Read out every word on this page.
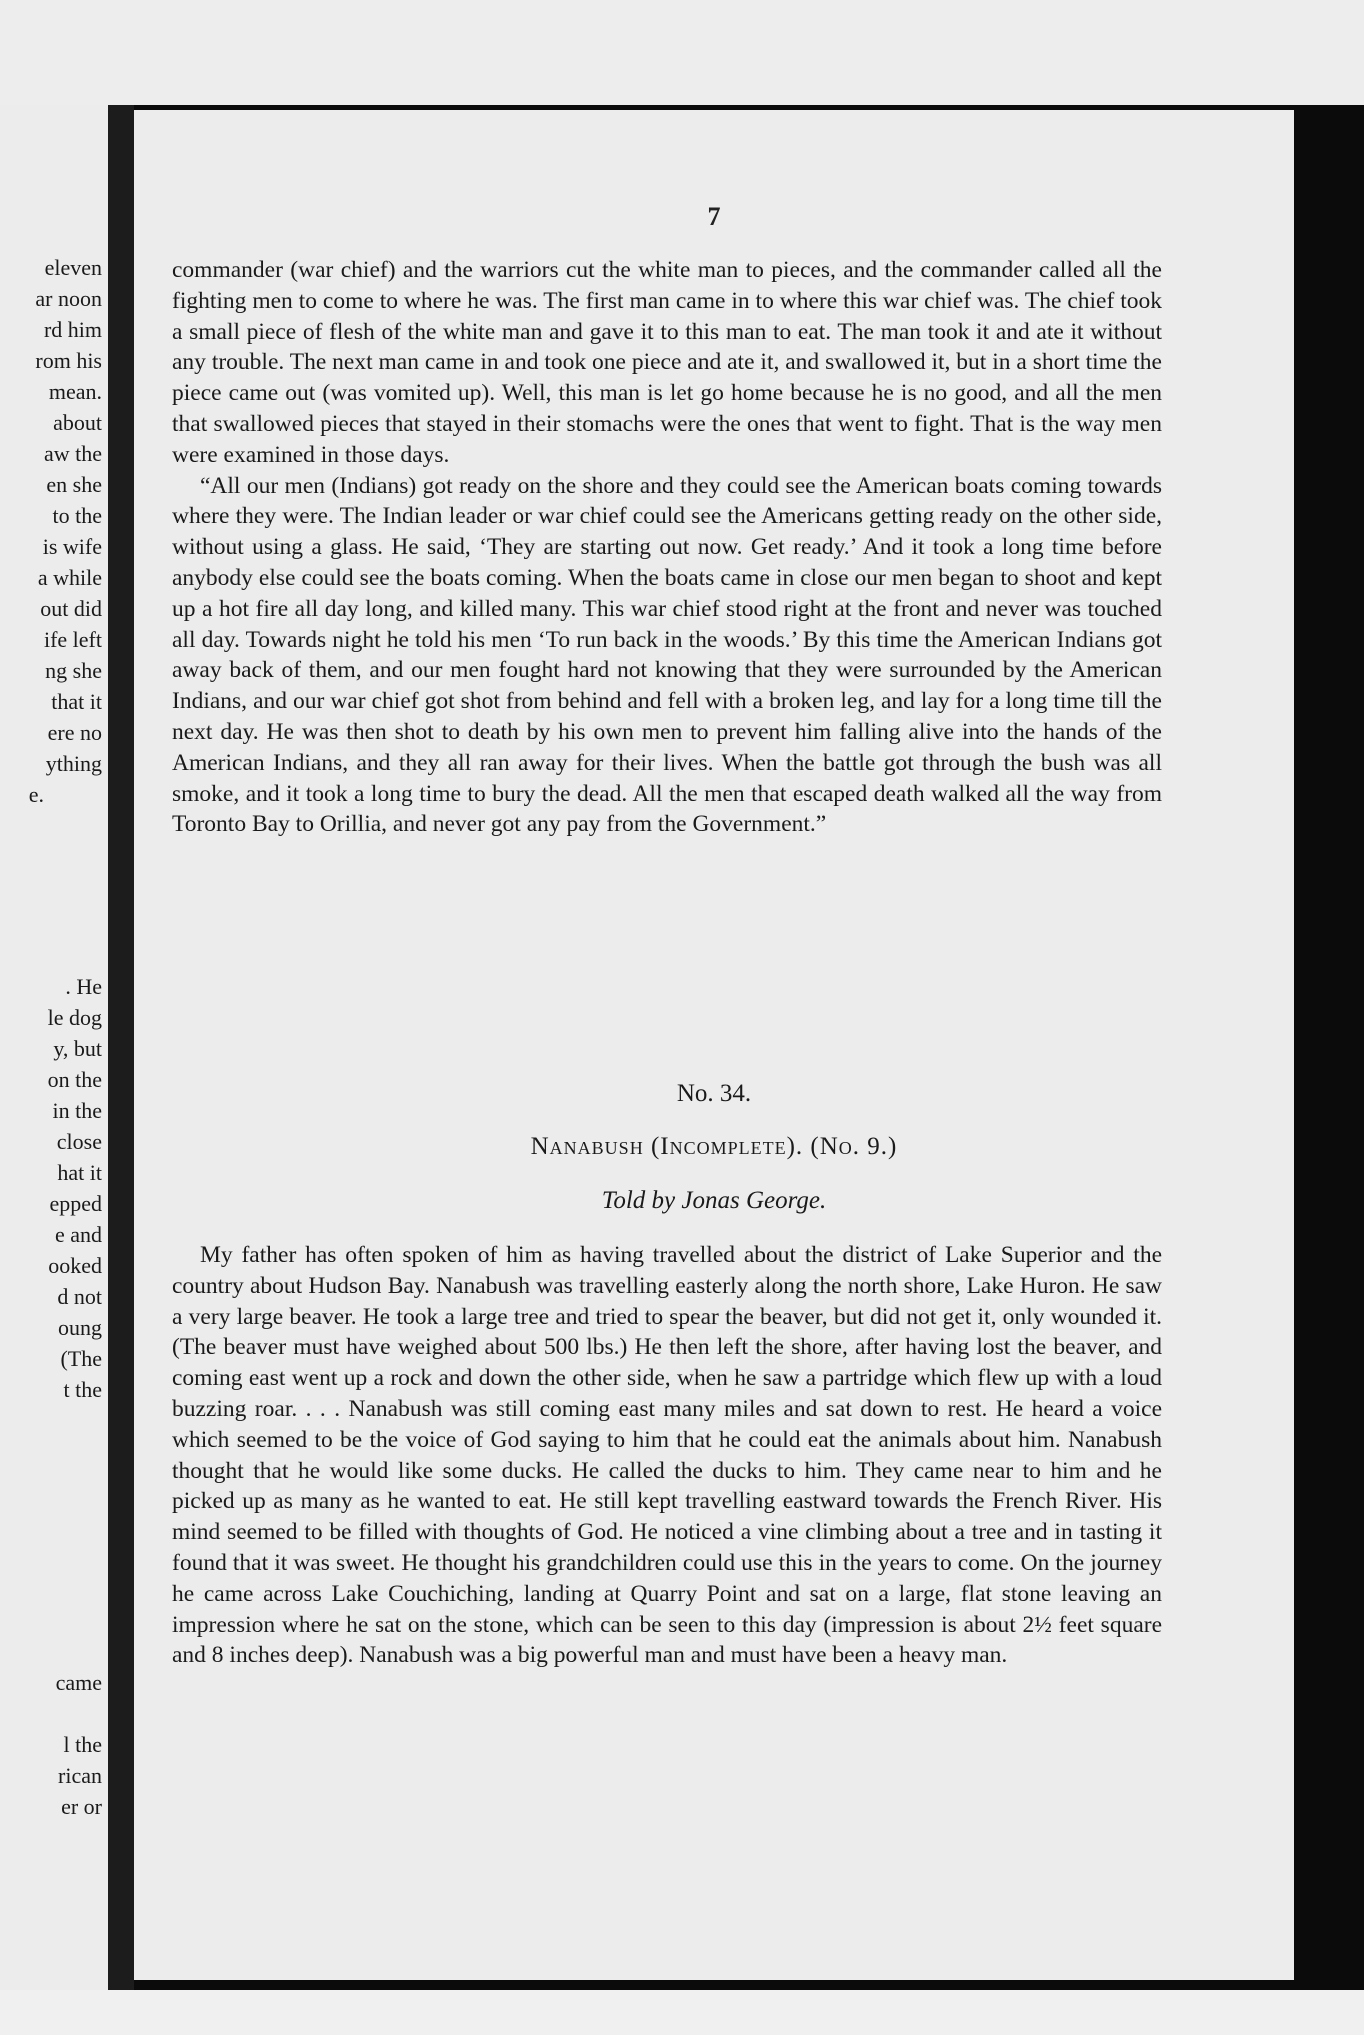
eleven
ar noon
rd him
rom his
mean.
about
aw the
en she
to the
is wife
a while
out did
ife left
ng she
that it
ere no
ything
e.
. He
le dog
y, but
on the
in the
close
hat it
epped
e and
ooked
d not
oung
(The
t the
came
l the
rican
er or
7

commander (war chief) and the warriors cut the white man to pieces, and the commander called all the fighting men to come to where he was. The first man came in to where this war chief was. The chief took a small piece of flesh of the white man and gave it to this man to eat. The man took it and ate it without any trouble. The next man came in and took one piece and ate it, and swallowed it, but in a short time the piece came out (was vomited up). Well, this man is let go home because he is no good, and all the men that swallowed pieces that stayed in their stomachs were the ones that went to fight. That is the way men were examined in those days.

“All our men (Indians) got ready on the shore and they could see the American boats coming towards where they were. The Indian leader or war chief could see the Americans getting ready on the other side, without using a glass. He said, ‘They are starting out now. Get ready.’ And it took a long time before anybody else could see the boats coming. When the boats came in close our men began to shoot and kept up a hot fire all day long, and killed many. This war chief stood right at the front and never was touched all day. Towards night he told his men ‘To run back in the woods.’ By this time the American Indians got away back of them, and our men fought hard not knowing that they were surrounded by the American Indians, and our war chief got shot from behind and fell with a broken leg, and lay for a long time till the next day. He was then shot to death by his own men to prevent him falling alive into the hands of the American Indians, and they all ran away for their lives. When the battle got through the bush was all smoke, and it took a long time to bury the dead. All the men that escaped death walked all the way from Toronto Bay to Orillia, and never got any pay from the Government.”

No. 34.
Nanabush (Incomplete). (No. 9.)
Told by Jonas George.

My father has often spoken of him as having travelled about the district of Lake Superior and the country about Hudson Bay. Nanabush was travelling easterly along the north shore, Lake Huron. He saw a very large beaver. He took a large tree and tried to spear the beaver, but did not get it, only wounded it. (The beaver must have weighed about 500 lbs.) He then left the shore, after having lost the beaver, and coming east went up a rock and down the other side, when he saw a partridge which flew up with a loud buzzing roar. . . . Nanabush was still coming east many miles and sat down to rest. He heard a voice which seemed to be the voice of God saying to him that he could eat the animals about him. Nanabush thought that he would like some ducks. He called the ducks to him. They came near to him and he picked up as many as he wanted to eat. He still kept travelling eastward towards the French River. His mind seemed to be filled with thoughts of God. He noticed a vine climbing about a tree and in tasting it found that it was sweet. He thought his grandchildren could use this in the years to come. On the journey he came across Lake Couchiching, landing at Quarry Point and sat on a large, flat stone leaving an impression where he sat on the stone, which can be seen to this day (impression is about 2½ feet square and 8 inches deep). Nanabush was a big powerful man and must have been a heavy man.
